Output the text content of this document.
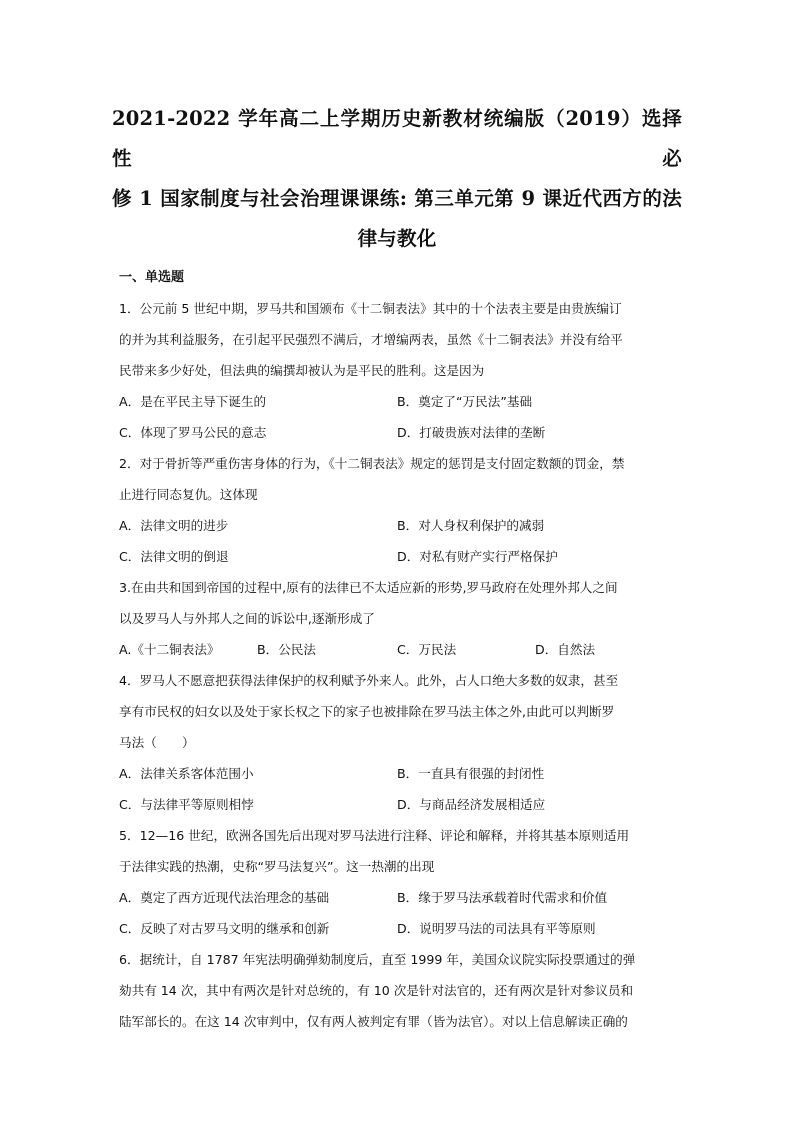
2021-2022 学年高二上学期历史新教材统编版（2019）选择性必
修 1 国家制度与社会治理课课练: 第三单元第 9 课近代西方的法
律与教化
一、单选题
1．公元前 5 世纪中期，罗马共和国颁布《十二铜表法》其中的十个法表主要是由贵族编订
的并为其利益服务，在引起平民强烈不满后，才增编两表，虽然《十二铜表法》并没有给平
民带来多少好处，但法典的编撰却被认为是平民的胜利。这是因为
A．是在平民主导下诞生的	B．奠定了“万民法”基础
C．体现了罗马公民的意志	D．打破贵族对法律的垄断
2．对于骨折等严重伤害身体的行为，《十二铜表法》规定的惩罚是支付固定数额的罚金，禁
止进行同态复仇。这体现
A．法律文明的进步	B．对人身权利保护的减弱
C．法律文明的倒退	D．对私有财产实行严格保护
3.在由共和国到帝国的过程中,原有的法律已不太适应新的形势,罗马政府在处理外邦人之间
以及罗马人与外邦人之间的诉讼中,逐渐形成了
A.《十二铜表法》	B．公民法	C．万民法	D．自然法
4．罗马人不愿意把获得法律保护的权利赋予外来人。此外，占人口绝大多数的奴隶，甚至
享有市民权的妇女以及处于家长权之下的家子也被排除在罗马法主体之外,由此可以判断罗
马法（　　）
A．法律关系客体范围小	B．一直具有很强的封闭性
C．与法律平等原则相悖	D．与商品经济发展相适应
5．12—16 世纪，欧洲各国先后出现对罗马法进行注释、评论和解释，并将其基本原则适用
于法律实践的热潮，史称“罗马法复兴”。这一热潮的出现
A．奠定了西方近现代法治理念的基础	B．缘于罗马法承载着时代需求和价值
C．反映了对古罗马文明的继承和创新	D．说明罗马法的司法具有平等原则
6．据统计，自 1787 年宪法明确弹劾制度后，直至 1999 年，美国众议院实际投票通过的弹
劾共有 14 次，其中有两次是针对总统的，有 10 次是针对法官的，还有两次是针对参议员和
陆军部长的。在这 14 次审判中，仅有两人被判定有罪（皆为法官）。对以上信息解读正确的
